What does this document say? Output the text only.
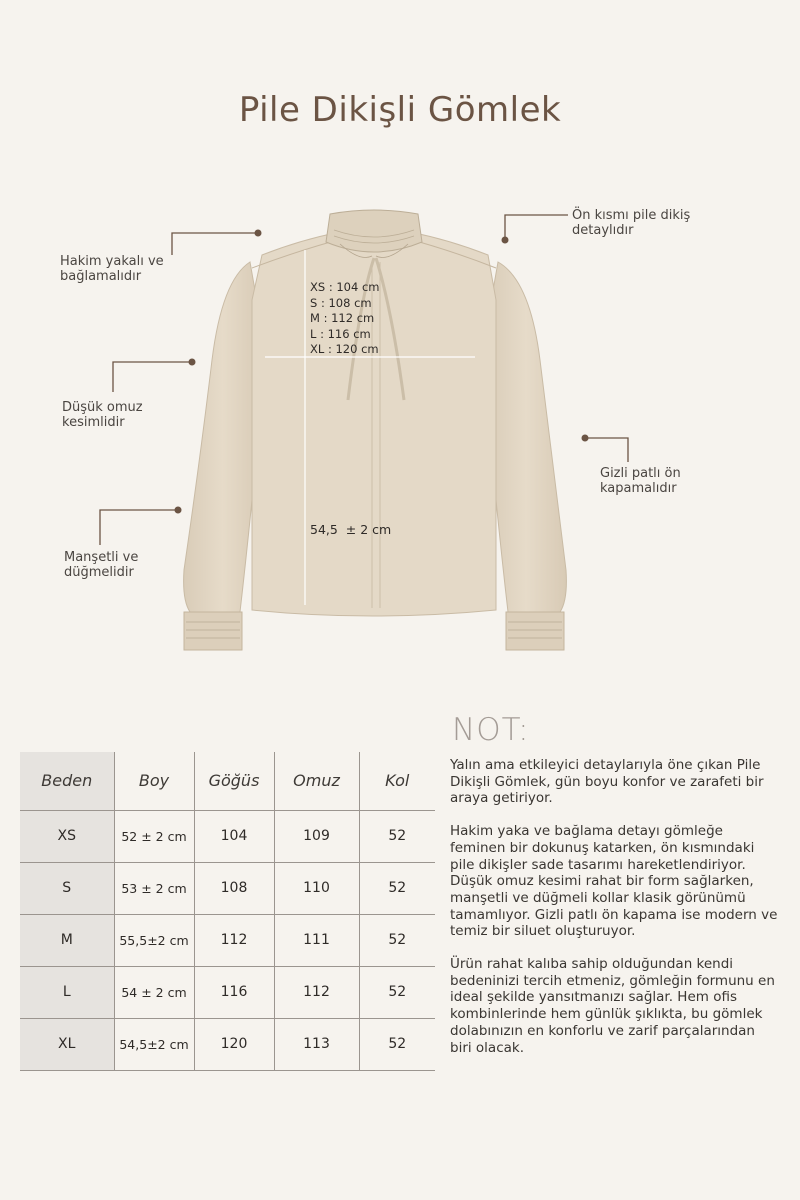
Pile Dikişli Gömlek
Hakim yakalı ve bağlamalıdır
Ön kısmı pile dikiş detaylıdır
Düşük omuz kesimlidir
Gizli patlı ön kapamalıdır
Manşetli ve düğmelidir
XS : 104 cm
S : 108 cm
M : 112 cm
L : 116 cm
XL : 120 cm
54,5  ± 2 cm
Beden	Boy	Göğüs	Omuz	Kol
XS	52 ± 2 cm	104	109	52
S	53 ± 2 cm	108	110	52
M	55,5±2 cm	112	111	52
L	54 ± 2 cm	116	112	52
XL	54,5±2 cm	120	113	52
NOT:

Yalın ama etkileyici detaylarıyla öne çıkan Pile Dikişli Gömlek, gün boyu konfor ve zarafeti bir araya getiriyor.

Hakim yaka ve bağlama detayı gömleğe feminen bir dokunuş katarken, ön kısmındaki pile dikişler sade tasarımı hareketlendiriyor. Düşük omuz kesimi rahat bir form sağlarken, manşetli ve düğmeli kollar klasik görünümü tamamlıyor. Gizli patlı ön kapama ise modern ve temiz bir siluet oluşturuyor.

Ürün rahat kalıba sahip olduğundan kendi bedeninizi tercih etmeniz, gömleğin formunu en ideal şekilde yansıtmanızı sağlar. Hem ofis kombinlerinde hem günlük şıklıkta, bu gömlek dolabınızın en konforlu ve zarif parçalarından biri olacak.
